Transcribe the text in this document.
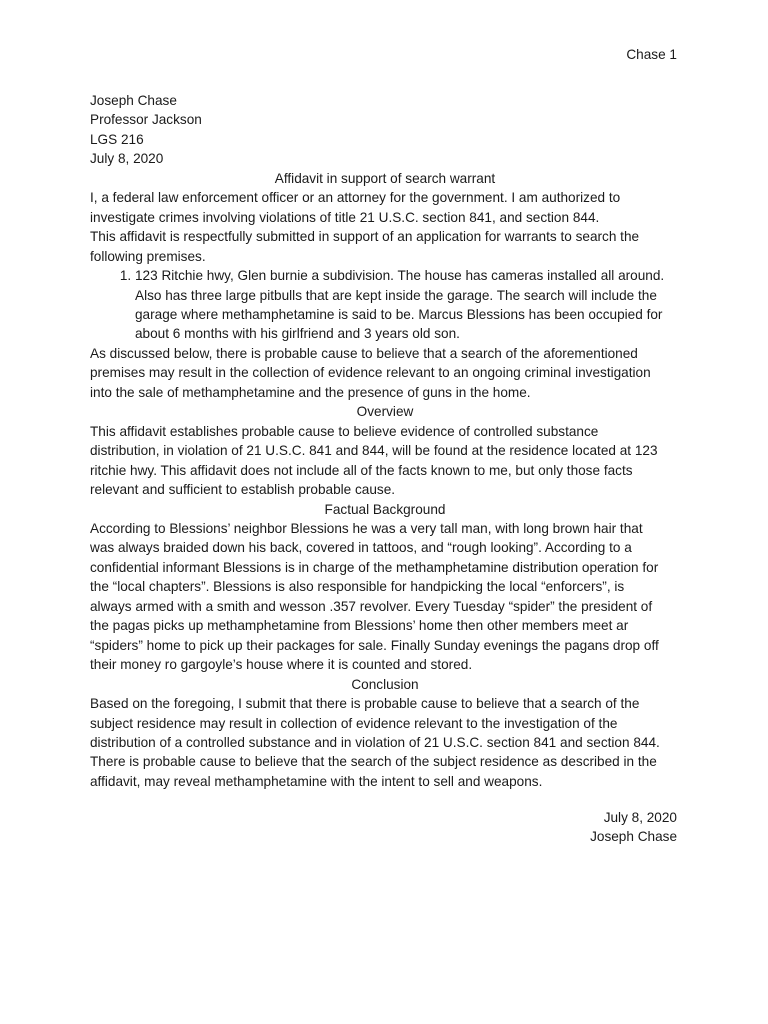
Chase 1
Joseph Chase
Professor Jackson
LGS 216
July 8, 2020
Affidavit in support of search warrant

I, a federal law enforcement officer or an attorney for the government. I am authorized to
investigate crimes involving violations of title 21 U.S.C. section 841, and section 844.
This affidavit is respectfully submitted in support of an application for warrants to search the
following premises.

1. 123 Ritchie hwy, Glen burnie a subdivision. The house has cameras installed all around.
Also has three large pitbulls that are kept inside the garage. The search will include the
garage where methamphetamine is said to be. Marcus Blessions has been occupied for
about 6 months with his girlfriend and 3 years old son.

As discussed below, there is probable cause to believe that a search of the aforementioned
premises may result in the collection of evidence relevant to an ongoing criminal investigation
into the sale of methamphetamine and the presence of guns in the home.

Overview

This affidavit establishes probable cause to believe evidence of controlled substance
distribution, in violation of 21 U.S.C. 841 and 844, will be found at the residence located at 123
ritchie hwy. This affidavit does not include all of the facts known to me, but only those facts
relevant and sufficient to establish probable cause.

Factual Background

According to Blessions’ neighbor Blessions he was a very tall man, with long brown hair that
was always braided down his back, covered in tattoos, and “rough looking”. According to a
confidential informant Blessions is in charge of the methamphetamine distribution operation for
the “local chapters”. Blessions is also responsible for handpicking the local “enforcers”, is
always armed with a smith and wesson .357 revolver. Every Tuesday “spider” the president of
the pagas picks up methamphetamine from Blessions’ home then other members meet ar
“spiders” home to pick up their packages for sale. Finally Sunday evenings the pagans drop off
their money ro gargoyle’s house where it is counted and stored.

Conclusion

Based on the foregoing, I submit that there is probable cause to believe that a search of the
subject residence may result in collection of evidence relevant to the investigation of the
distribution of a controlled substance and in violation of 21 U.S.C. section 841 and section 844.
There is probable cause to believe that the search of the subject residence as described in the
affidavit, may reveal methamphetamine with the intent to sell and weapons.

July 8, 2020
Joseph Chase
